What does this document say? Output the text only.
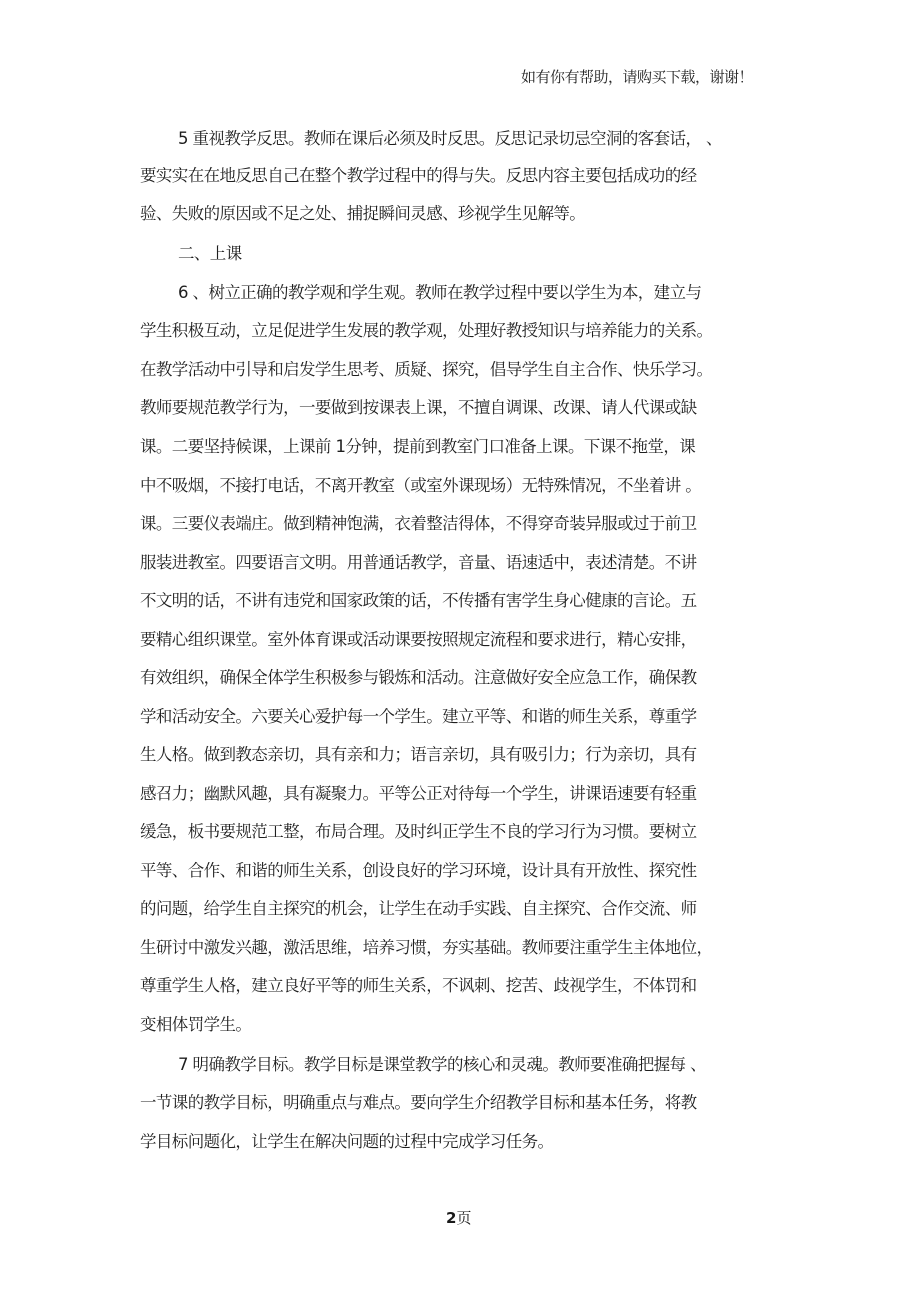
如有你有帮助，请购买下载，谢谢！
5 重视教学反思。教师在课后必须及时反思。反思记录切忌空洞的客套话， 、
要实实在在地反思自己在整个教学过程中的得与失。反思内容主要包括成功的经
验、失败的原因或不足之处、捕捉瞬间灵感、珍视学生见解等。
二、上课
6 、树立正确的教学观和学生观。教师在教学过程中要以学生为本，建立与
学生积极互动，立足促进学生发展的教学观，处理好教授知识与培养能力的关系。
在教学活动中引导和启发学生思考、质疑、探究，倡导学生自主合作、快乐学习。
教师要规范教学行为，一要做到按课表上课，不擅自调课、改课、请人代课或缺
课。二要坚持候课，上课前 1分钟，提前到教室门口准备上课。下课不拖堂，课
中不吸烟，不接打电话，不离开教室（或室外课现场）无特殊情况，不坐着讲 。
课。三要仪表端庄。做到精神饱满，衣着整洁得体，不得穿奇装异服或过于前卫
服装进教室。四要语言文明。用普通话教学，音量、语速适中，表述清楚。不讲
不文明的话，不讲有违党和国家政策的话，不传播有害学生身心健康的言论。五
要精心组织课堂。室外体育课或活动课要按照规定流程和要求进行，精心安排，
有效组织，确保全体学生积极参与锻炼和活动。注意做好安全应急工作，确保教
学和活动安全。六要关心爱护每一个学生。建立平等、和谐的师生关系，尊重学
生人格。做到教态亲切，具有亲和力；语言亲切，具有吸引力；行为亲切，具有
感召力；幽默风趣，具有凝聚力。平等公正对待每一个学生，讲课语速要有轻重
缓急，板书要规范工整，布局合理。及时纠正学生不良的学习行为习惯。要树立
平等、合作、和谐的师生关系，创设良好的学习环境，设计具有开放性、探究性
的问题，给学生自主探究的机会，让学生在动手实践、自主探究、合作交流、师
生研讨中激发兴趣，激活思维，培养习惯，夯实基础。教师要注重学生主体地位，
尊重学生人格，建立良好平等的师生关系，不讽刺、挖苦、歧视学生，不体罚和
变相体罚学生。
7 明确教学目标。教学目标是课堂教学的核心和灵魂。教师要准确把握每 、
一节课的教学目标，明确重点与难点。要向学生介绍教学目标和基本任务，将教
学目标问题化，让学生在解决问题的过程中完成学习任务。
2页
